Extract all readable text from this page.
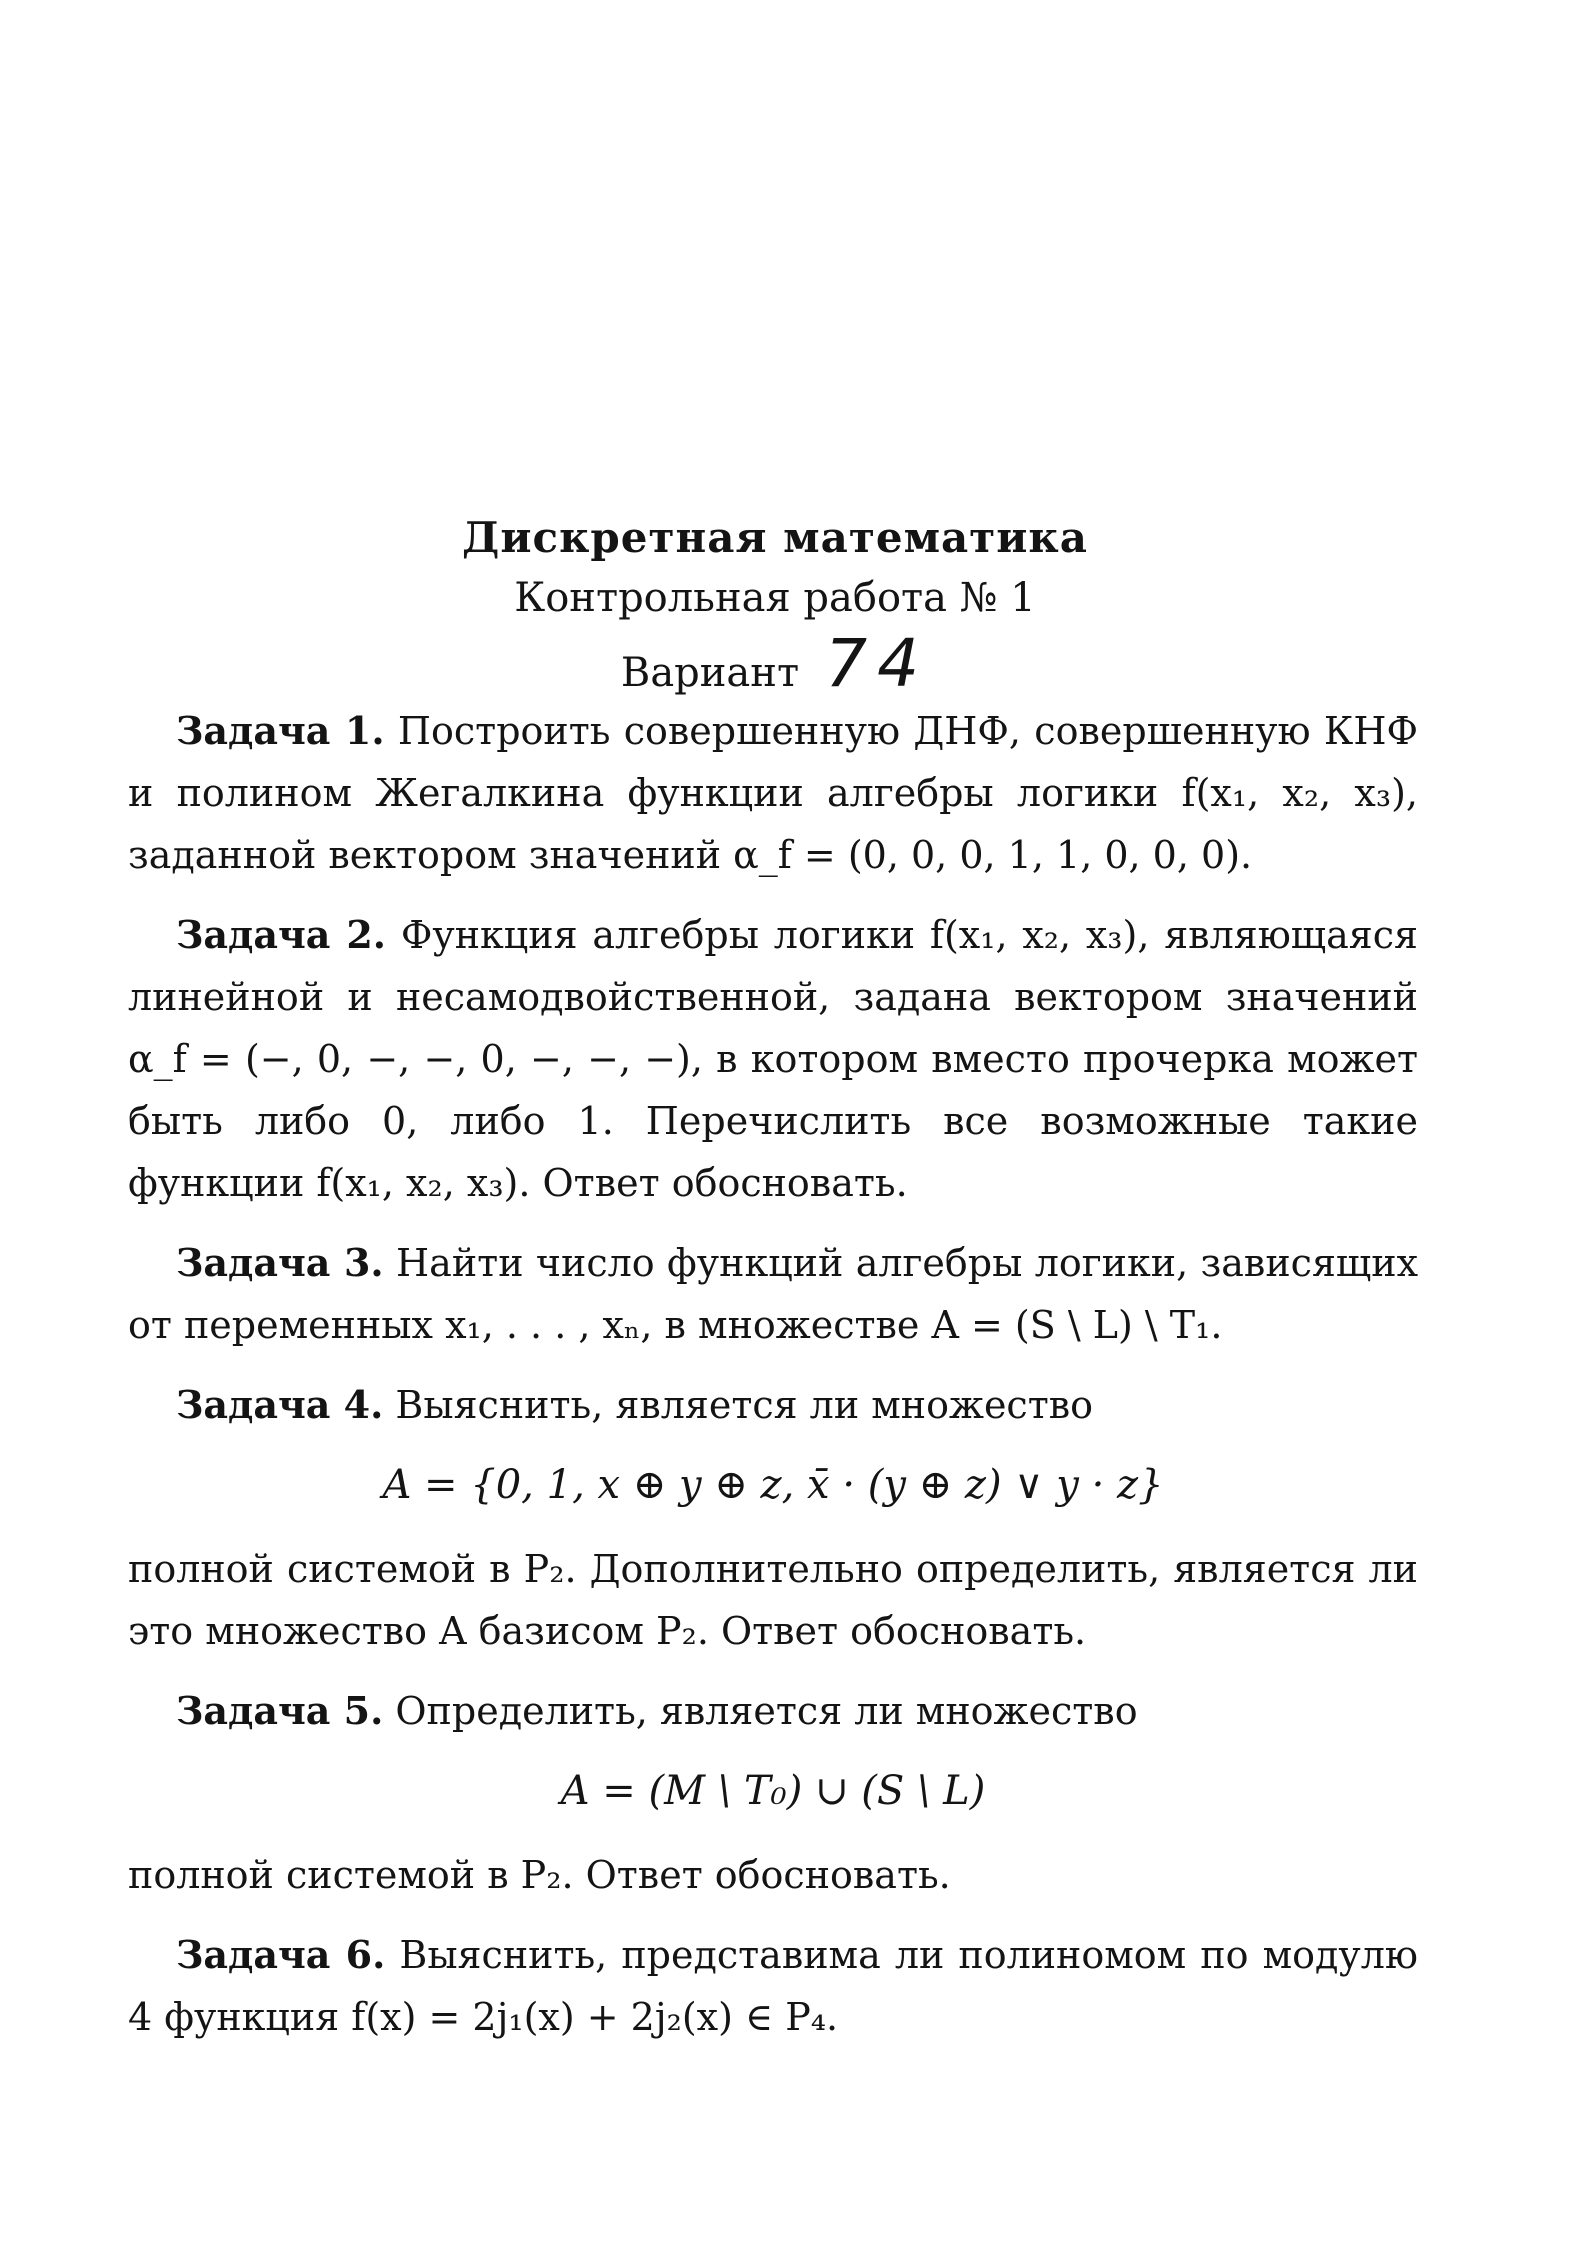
Дискретная математика
Контрольная работа № 1
Вариант 74

Задача 1. Построить совершенную ДНФ, совершенную КНФ и полином Жегалкина функции алгебры логики f(x₁, x₂, x₃), заданной вектором значений α_f = (0, 0, 0, 1, 1, 0, 0, 0).

Задача 2. Функция алгебры логики f(x₁, x₂, x₃), являющаяся линейной и несамодвойственной, задана вектором значений α_f = (−, 0, −, −, 0, −, −, −), в котором вместо прочерка может быть либо 0, либо 1. Перечислить все возможные такие функции f(x₁, x₂, x₃). Ответ обосновать.

Задача 3. Найти число функций алгебры логики, зависящих от переменных x₁, . . . , xₙ, в множестве A = (S \ L) \ T₁.

Задача 4. Выяснить, является ли множество

A = {0, 1, x ⊕ y ⊕ z, x̄ · (y ⊕ z) ∨ y · z}

полной системой в P₂. Дополнительно определить, является ли это множество A базисом P₂. Ответ обосновать.

Задача 5. Определить, является ли множество

A = (M \ T₀) ∪ (S \ L)

полной системой в P₂. Ответ обосновать.

Задача 6. Выяснить, представима ли полиномом по модулю 4 функция f(x) = 2j₁(x) + 2j₂(x) ∈ P₄.
